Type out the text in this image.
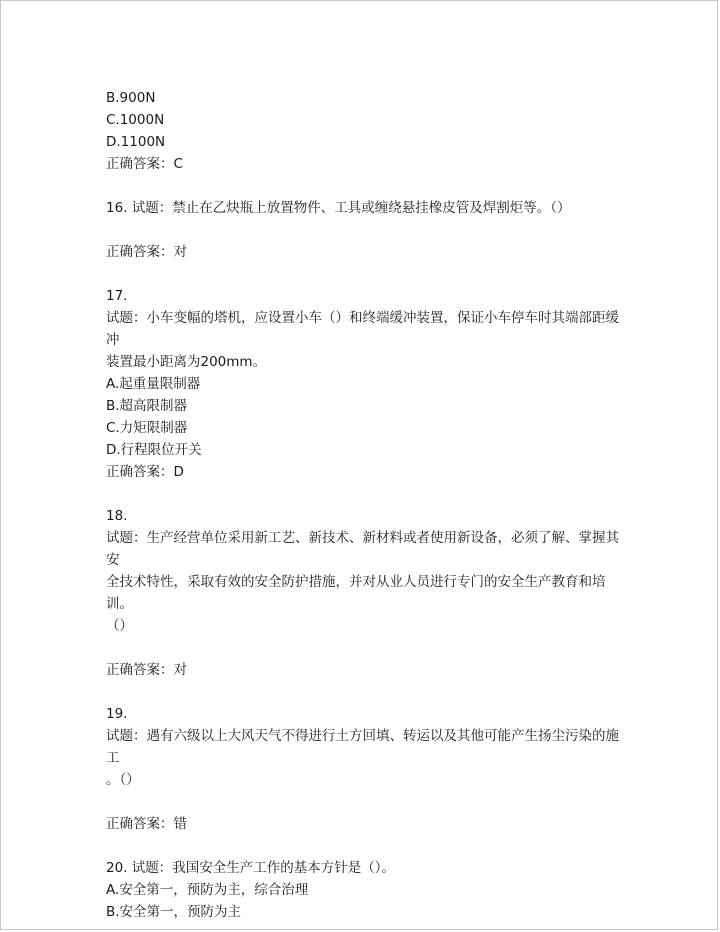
B.900N
C.1000N
D.1100N
正确答案：C
16. 试题：禁止在乙炔瓶上放置物件、工具或缠绕悬挂橡皮管及焊割炬等。（）
正确答案：对
17.
试题：小车变幅的塔机，应设置小车（）和终端缓冲装置，保证小车停车时其端部距缓冲
装置最小距离为200mm。
A.起重量限制器
B.超高限制器
C.力矩限制器
D.行程限位开关
正确答案：D
18.
试题：生产经营单位采用新工艺、新技术、新材料或者使用新设备，必须了解、掌握其安
全技术特性，采取有效的安全防护措施，并对从业人员进行专门的安全生产教育和培训。
（）
正确答案：对
19.
试题：遇有六级以上大风天气不得进行土方回填、转运以及其他可能产生扬尘污染的施工
。（）
正确答案：错
20. 试题：我国安全生产工作的基本方针是（）。
A.安全第一，预防为主，综合治理
B.安全第一，预防为主
